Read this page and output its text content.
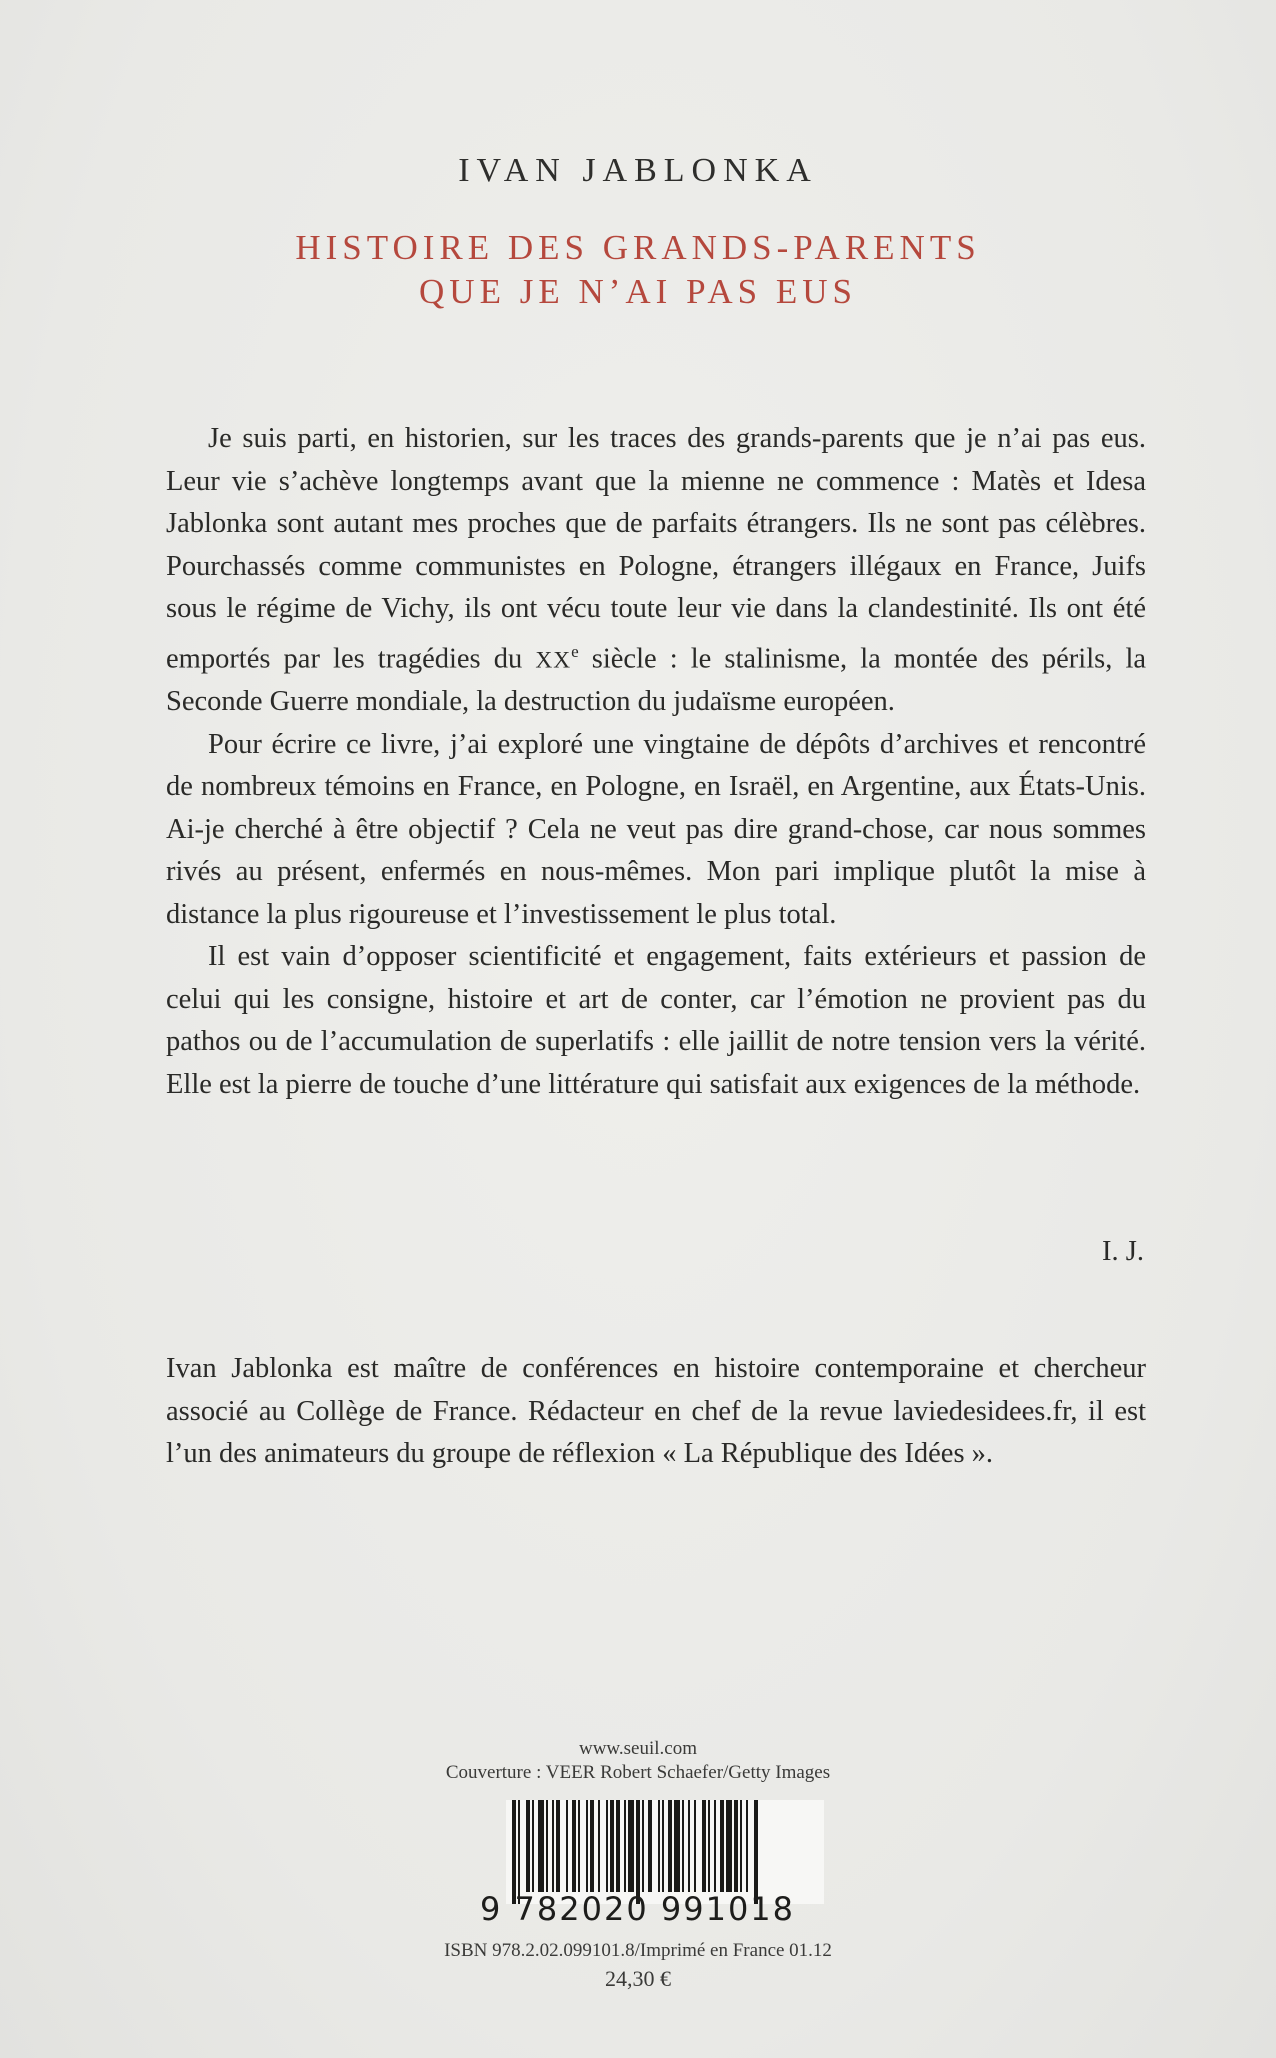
IVAN JABLONKA
HISTOIRE DES GRANDS-PARENTS
QUE JE N’AI PAS EUS

Je suis parti, en historien, sur les traces des grands-parents que je n’ai pas eus. Leur vie s’achève longtemps avant que la mienne ne commence : Matès et Idesa Jablonka sont autant mes proches que de parfaits étrangers. Ils ne sont pas célèbres. Pourchassés comme communistes en Pologne, étrangers illégaux en France, Juifs sous le régime de Vichy, ils ont vécu toute leur vie dans la clandestinité. Ils ont été emportés par les tragédies du XXe siècle : le stalinisme, la montée des périls, la Seconde Guerre mondiale, la destruction du judaïsme européen.

Pour écrire ce livre, j’ai exploré une vingtaine de dépôts d’archives et rencontré de nombreux témoins en France, en Pologne, en Israël, en Argentine, aux États-Unis. Ai-je cherché à être objectif ? Cela ne veut pas dire grand-chose, car nous sommes rivés au présent, enfermés en nous-mêmes. Mon pari implique plutôt la mise à distance la plus rigoureuse et l’investissement le plus total.

Il est vain d’opposer scientificité et engagement, faits extérieurs et passion de celui qui les consigne, histoire et art de conter, car l’émotion ne provient pas du pathos ou de l’accumulation de superlatifs : elle jaillit de notre tension vers la vérité. Elle est la pierre de touche d’une littérature qui satisfait aux exigences de la méthode.

I. J.

Ivan Jablonka est maître de conférences en histoire contemporaine et chercheur associé au Collège de France. Rédacteur en chef de la revue laviedesidees.fr, il est l’un des animateurs du groupe de réflexion « La République des Idées ».

www.seuil.com
Couverture : VEER Robert Schaefer/Getty Images
9 782020 991018
ISBN 978.2.02.099101.8/Imprimé en France 01.12
24,30 €
